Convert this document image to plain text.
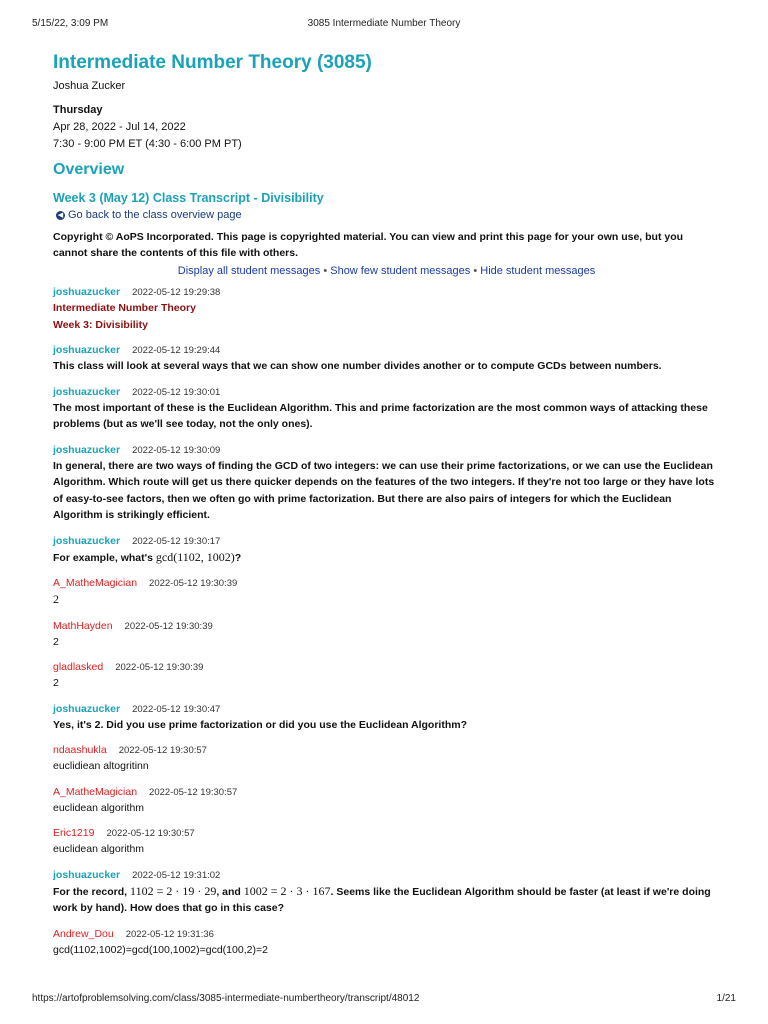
5/15/22, 3:09 PM	3085 Intermediate Number Theory
Intermediate Number Theory (3085)
Joshua Zucker
Thursday
Apr 28, 2022 - Jul 14, 2022
7:30 - 9:00 PM ET (4:30 - 6:00 PM PT)
Overview
Week 3 (May 12) Class Transcript - Divisibility
◀ Go back to the class overview page
Copyright © AoPS Incorporated. This page is copyrighted material. You can view and print this page for your own use, but you cannot share the contents of this file with others.
Display all student messages • Show few student messages • Hide student messages
joshuazucker 2022-05-12 19:29:38
Intermediate Number Theory
Week 3: Divisibility
joshuazucker 2022-05-12 19:29:44
This class will look at several ways that we can show one number divides another or to compute GCDs between numbers.
joshuazucker 2022-05-12 19:30:01
The most important of these is the Euclidean Algorithm. This and prime factorization are the most common ways of attacking these problems (but as we'll see today, not the only ones).
joshuazucker 2022-05-12 19:30:09
In general, there are two ways of finding the GCD of two integers: we can use their prime factorizations, or we can use the Euclidean Algorithm. Which route will get us there quicker depends on the features of the two integers. If they're not too large or they have lots of easy-to-see factors, then we often go with prime factorization. But there are also pairs of integers for which the Euclidean Algorithm is strikingly efficient.
joshuazucker 2022-05-12 19:30:17
For example, what's gcd(1102, 1002)?
A_MatheMagician 2022-05-12 19:30:39
2
MathHayden 2022-05-12 19:30:39
2
gladlasked 2022-05-12 19:30:39
2
joshuazucker 2022-05-12 19:30:47
Yes, it's 2. Did you use prime factorization or did you use the Euclidean Algorithm?
ndaashukla 2022-05-12 19:30:57
euclidiean altogritinn
A_MatheMagician 2022-05-12 19:30:57
euclidean algorithm
Eric1219 2022-05-12 19:30:57
euclidean algorithm
joshuazucker 2022-05-12 19:31:02
For the record, 1102 = 2 · 19 · 29, and 1002 = 2 · 3 · 167. Seems like the Euclidean Algorithm should be faster (at least if we're doing work by hand). How does that go in this case?
Andrew_Dou 2022-05-12 19:31:36
gcd(1102,1002)=gcd(100,1002)=gcd(100,2)=2
https://artofproblemsolving.com/class/3085-intermediate-numbertheory/transcript/48012	1/21
